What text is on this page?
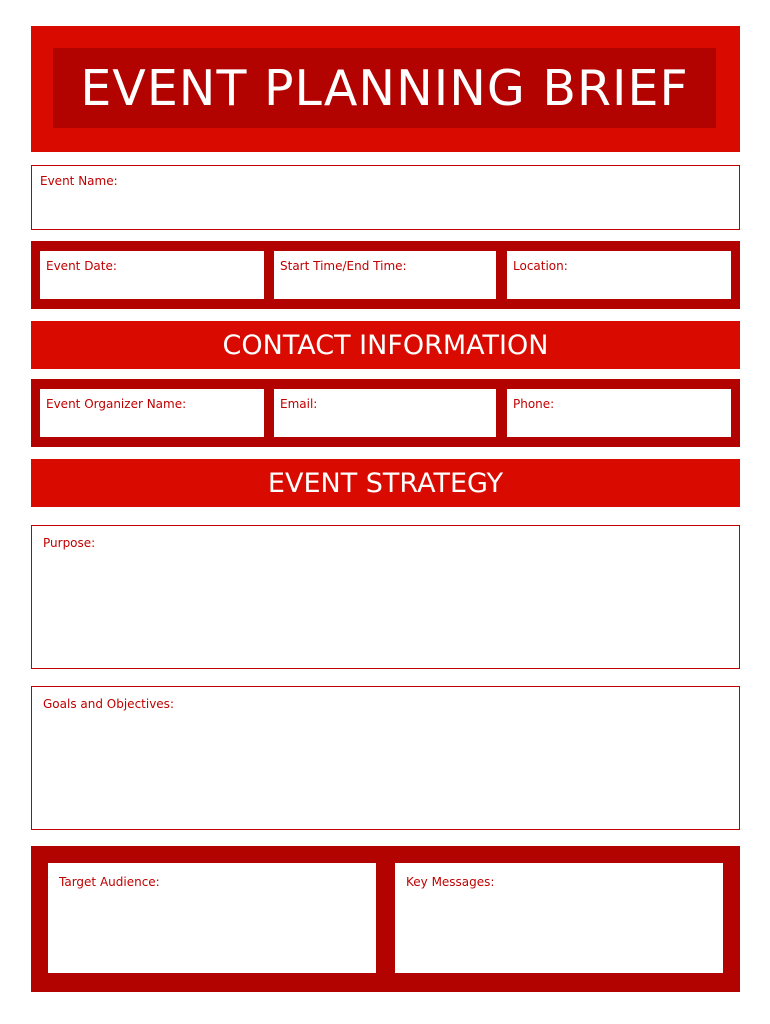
EVENT PLANNING BRIEF
Event Name:
Event Date:	Start Time/End Time:	Location:
CONTACT INFORMATION
Event Organizer Name:	Email:	Phone:
EVENT STRATEGY
Purpose:
Goals and Objectives:
Target Audience:	Key Messages:
